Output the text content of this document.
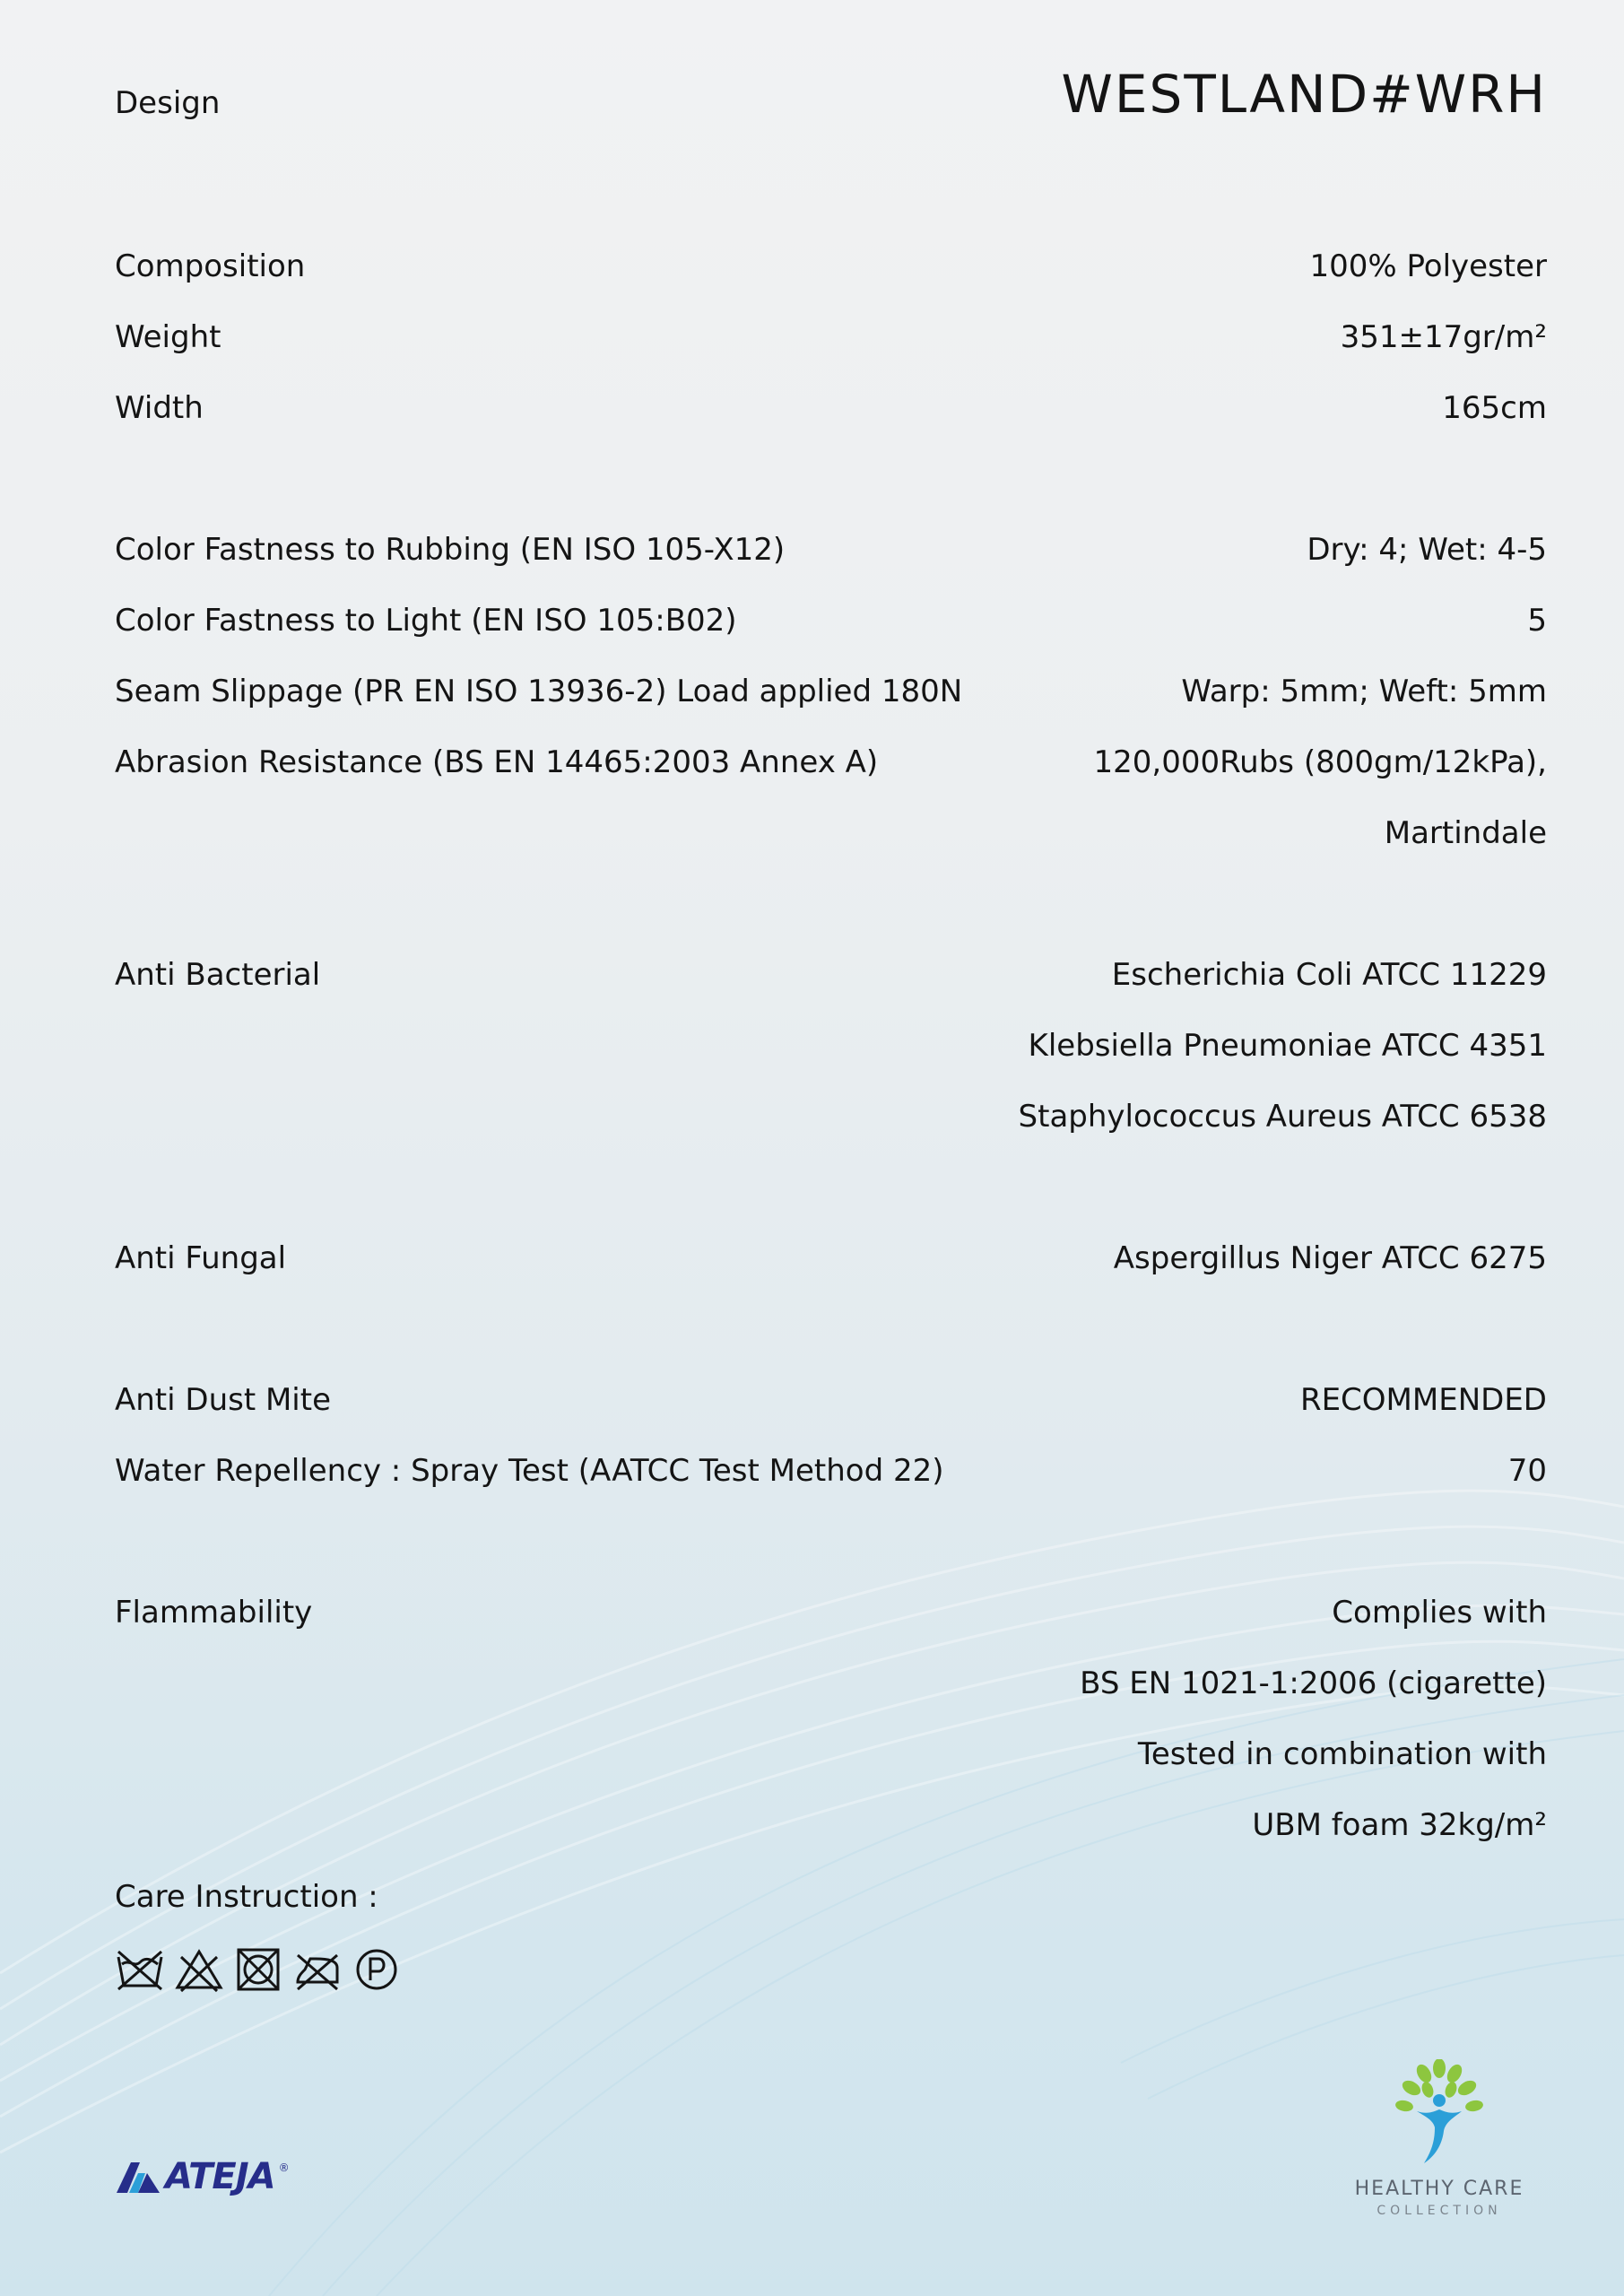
Design	WESTLAND#WRH
Composition	100% Polyester
Weight	351±17gr/m²
Width	165cm
Color Fastness to Rubbing (EN ISO 105-X12)	Dry: 4; Wet: 4-5
Color Fastness to Light (EN ISO 105:B02)	5
Seam Slippage (PR EN ISO 13936-2) Load applied 180N	Warp: 5mm; Weft: 5mm
Abrasion Resistance (BS EN 14465:2003 Annex A)	120,000Rubs (800gm/12kPa),
Martindale
Anti Bacterial	Escherichia Coli ATCC 11229
Klebsiella Pneumoniae ATCC 4351
Staphylococcus Aureus ATCC 6538
Anti Fungal	Aspergillus Niger ATCC 6275
Anti Dust Mite	RECOMMENDED
Water Repellency : Spray Test (AATCC Test Method 22)	70
Flammability	Complies with
BS EN 1021-1:2006 (cigarette)
Tested in combination with
UBM foam 32kg/m²
Care Instruction :
ATEJA ®
HEALTHY CARE
COLLECTION
